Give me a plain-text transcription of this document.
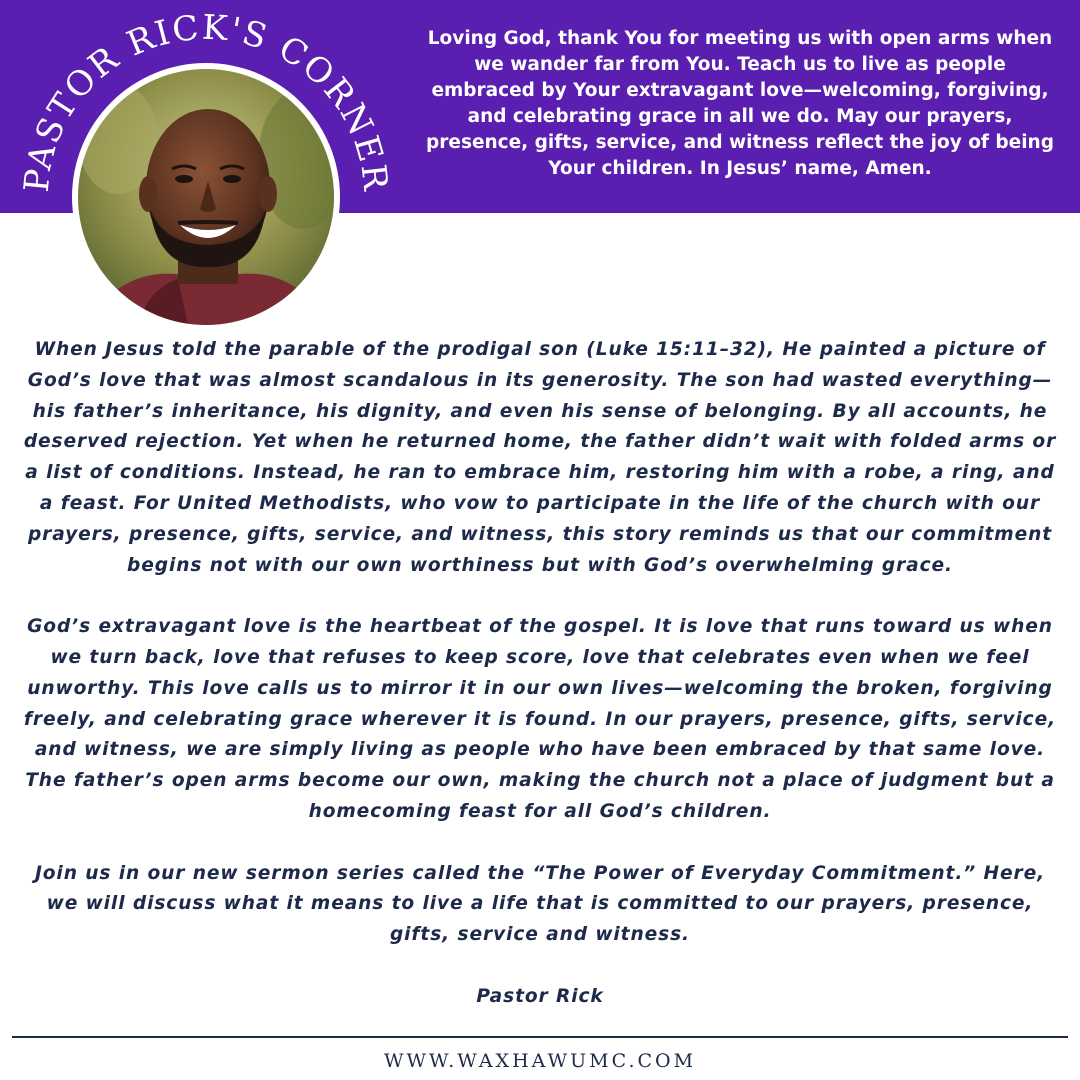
PASTOR RICK'S CORNER
Loving God, thank You for meeting us with open arms when we wander far from You. Teach us to live as people embraced by Your extravagant love—welcoming, forgiving, and celebrating grace in all we do. May our prayers, presence, gifts, service, and witness reflect the joy of being Your children. In Jesus’ name, Amen.

When Jesus told the parable of the prodigal son (Luke 15:11–32), He painted a picture of God’s love that was almost scandalous in its generosity. The son had wasted everything—his father’s inheritance, his dignity, and even his sense of belonging. By all accounts, he deserved rejection. Yet when he returned home, the father didn’t wait with folded arms or a list of conditions. Instead, he ran to embrace him, restoring him with a robe, a ring, and a feast. For United Methodists, who vow to participate in the life of the church with our prayers, presence, gifts, service, and witness, this story reminds us that our commitment begins not with our own worthiness but with God’s overwhelming grace.

God’s extravagant love is the heartbeat of the gospel. It is love that runs toward us when we turn back, love that refuses to keep score, love that celebrates even when we feel unworthy. This love calls us to mirror it in our own lives—welcoming the broken, forgiving freely, and celebrating grace wherever it is found. In our prayers, presence, gifts, service, and witness, we are simply living as people who have been embraced by that same love. The father’s open arms become our own, making the church not a place of judgment but a homecoming feast for all God’s children.

Join us in our new sermon series called the “The Power of Everyday Commitment.” Here, we will discuss what it means to live a life that is committed to our prayers, presence, gifts, service and witness.

Pastor Rick

WWW.WAXHAWUMC.COM
